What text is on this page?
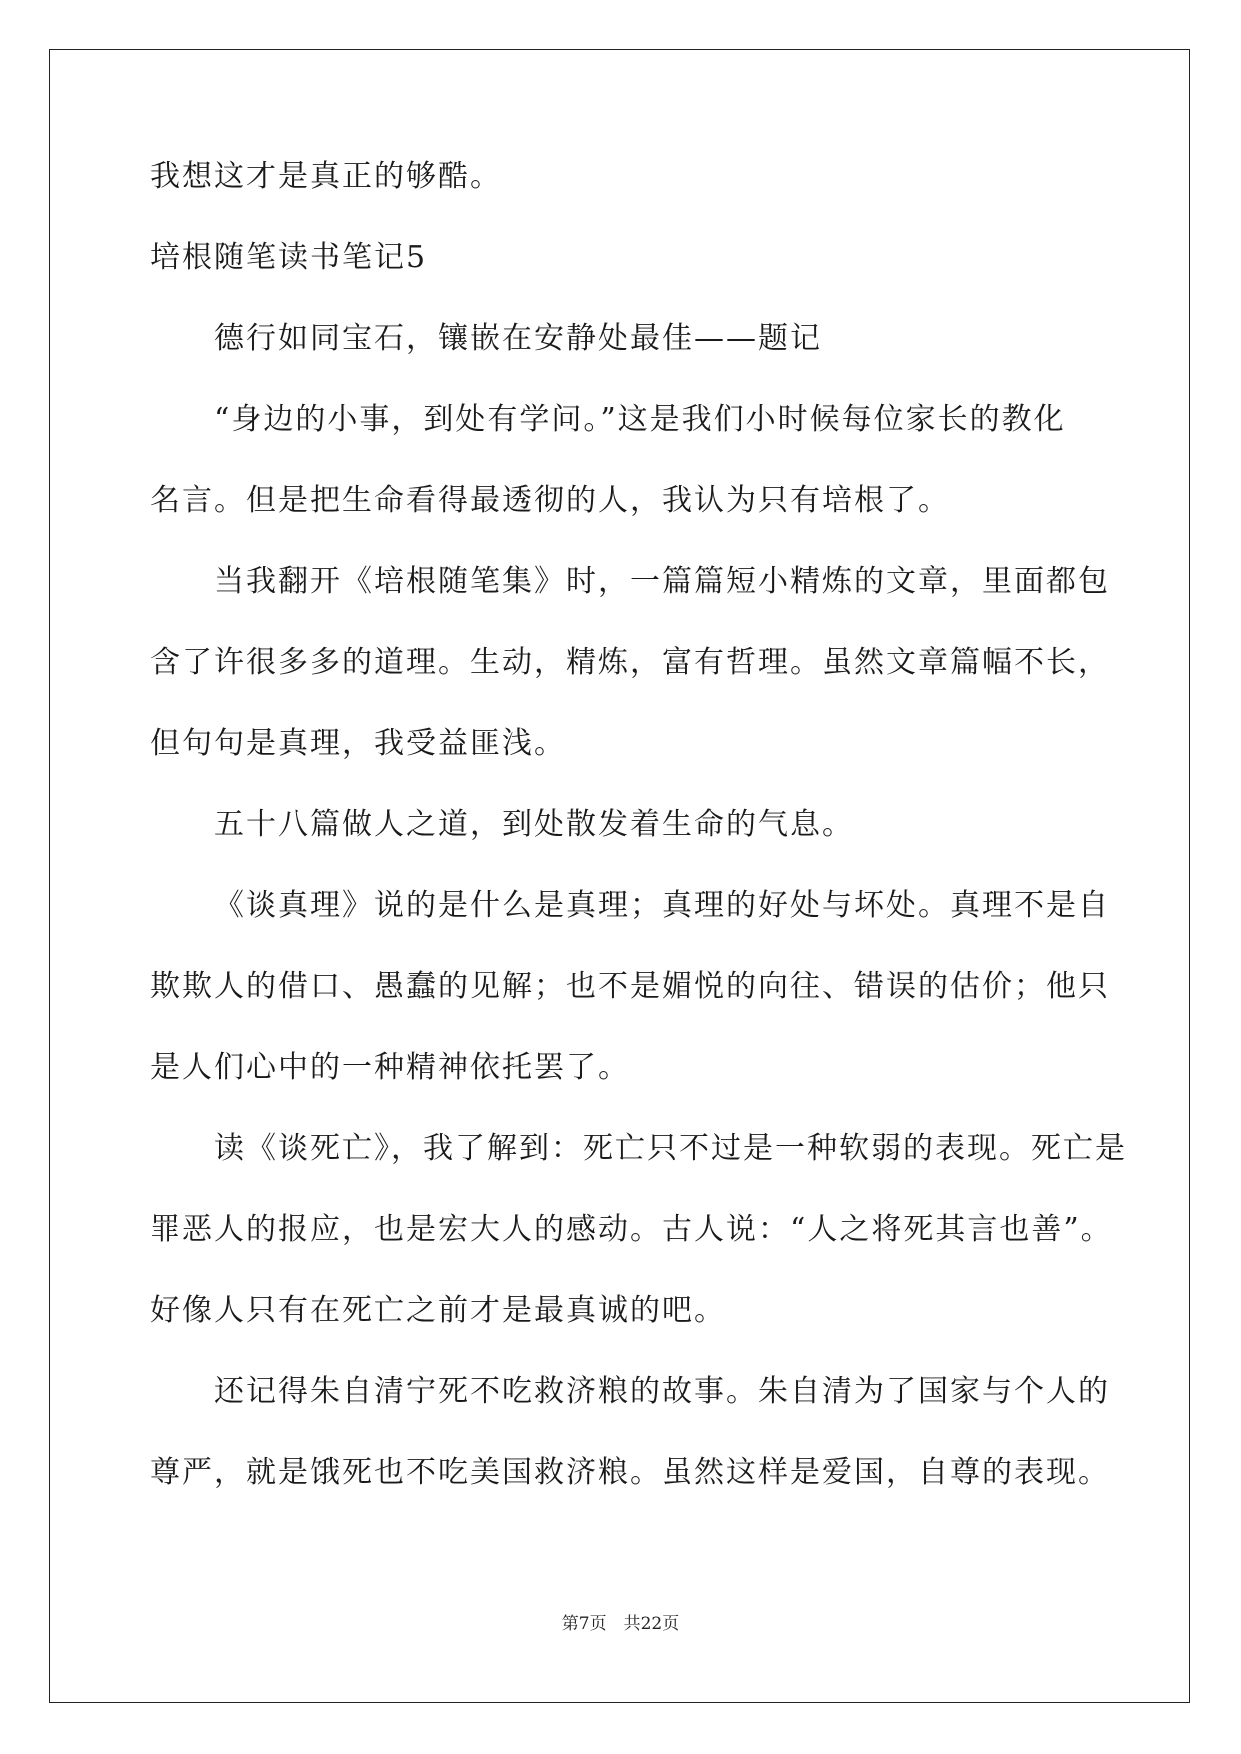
我想这才是真正的够酷。
培根随笔读书笔记5
德行如同宝石，镶嵌在安静处最佳——题记
“身边的小事，到处有学问。”这是我们小时候每位家长的教化
名言。但是把生命看得最透彻的人，我认为只有培根了。
当我翻开《培根随笔集》时，一篇篇短小精炼的文章，里面都包
含了许很多多的道理。生动，精炼，富有哲理。虽然文章篇幅不长，
但句句是真理，我受益匪浅。
五十八篇做人之道，到处散发着生命的气息。
《谈真理》说的是什么是真理；真理的好处与坏处。真理不是自
欺欺人的借口、愚蠢的见解；也不是媚悦的向往、错误的估价；他只
是人们心中的一种精神依托罢了。
读《谈死亡》，我了解到：死亡只不过是一种软弱的表现。死亡是
罪恶人的报应，也是宏大人的感动。古人说：“人之将死其言也善”。
好像人只有在死亡之前才是最真诚的吧。
还记得朱自清宁死不吃救济粮的故事。朱自清为了国家与个人的
尊严，就是饿死也不吃美国救济粮。虽然这样是爱国，自尊的表现。
第7页　共22页
